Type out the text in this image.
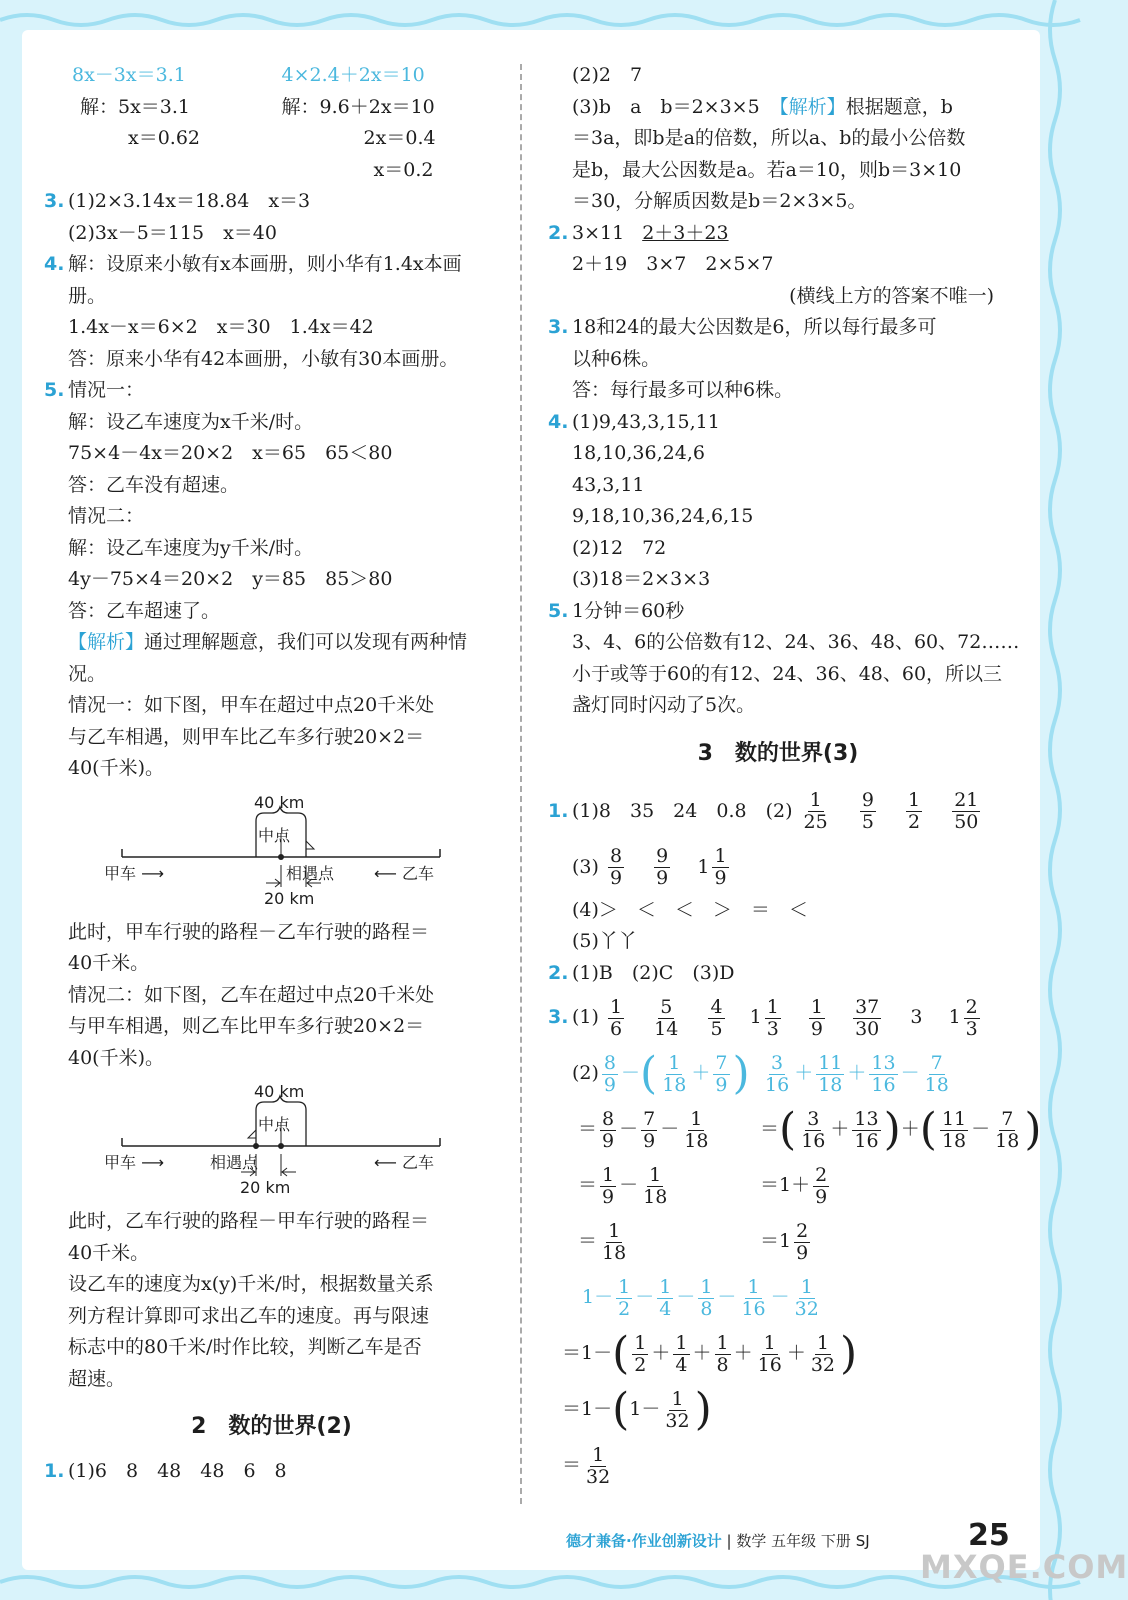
8x－3x＝3.1
解：5x＝3.1
x＝0.62
4×2.4＋2x＝10
解：9.6＋2x＝10
2x＝0.4
x＝0.2
3. (1)2×3.14x＝18.84　x＝3
(2)3x－5＝115　x＝40
4. 解：设原来小敏有x本画册，则小华有1.4x本画
册。
1.4x－x＝6×2　x＝30　1.4x＝42
答：原来小华有42本画册，小敏有30本画册。
5. 情况一：
解：设乙车速度为x千米/时。
75×4－4x＝20×2　x＝65　65＜80
答：乙车没有超速。
情况二：
解：设乙车速度为y千米/时。
4y－75×4＝20×2　y＝85　85＞80
答：乙车超速了。
【解析】通过理解题意，我们可以发现有两种情
况。
情况一：如下图，甲车在超过中点20千米处
与乙车相遇，则甲车比乙车多行驶20×2＝
40(千米)。
40 km
中点
甲车 ⟶	相遇点 ⟵ 乙车
20 km
此时，甲车行驶的路程－乙车行驶的路程＝
40千米。
情况二：如下图，乙车在超过中点20千米处
与甲车相遇，则乙车比甲车多行驶20×2＝
40(千米)。
40 km
中点
甲车 ⟶	相遇点	⟵ 乙车
20 km
此时，乙车行驶的路程－甲车行驶的路程＝
40千米。
设乙车的速度为x(y)千米/时，根据数量关系
列方程计算即可求出乙车的速度。再与限速
标志中的80千米/时作比较，判断乙车是否
超速。
2　数的世界(2)
1. (1)6　8　48　48　6　8
(2)2　7
(3)b　a　b＝2×3×5 【解析】根据题意，b
＝3a，即b是a的倍数，所以a、b的最小公倍数
是b，最大公因数是a。若a＝10，则b＝3×10
＝30，分解质因数是b＝2×3×5。
2. 3×11 2＋3＋23
2＋19　3×7　2×5×7
(横线上方的答案不唯一)
3. 18和24的最大公因数是6，所以每行最多可
以种6株。
答：每行最多可以种6株。
4. (1)9,43,3,15,11
18,10,36,24,6
43,3,11
9,18,10,36,24,6,15
(2)12　72
(3)18＝2×3×3
5. 1分钟＝60秒
3、4、6的公倍数有12、24、36、48、60、72……
小于或等于60的有12、24、36、48、60，所以三
盏灯同时闪动了5次。
3　数的世界(3)
1. (1)8　35　24　0.8　$(2) \frac{1}{25}$
$\frac{9}{5}$
$\frac{1}{2}$
$\frac{21}{50}$
$(3) \frac{8}{9}$
$\frac{9}{9} 1 \frac{1}{9}$
(4)＞　＜　＜　＞　＝　＜
(5)丫丫
2. (1)B　(2)C　(3)D
3. $(1) \frac{1}{6}$
$\frac{5}{14}$
$\frac{4}{5} 1 \frac{1}{3}$
$\frac{1}{9}$
$\frac{37}{30} 3$ $1 \frac{2}{3}$
$(2) \frac{8}{9}$ －( $\frac{1}{18} + \frac{7}{9}$ )
＝ $\frac{8}{9} - \frac{7}{9} - \frac{1}{18}$
＝ $\frac{1}{9} - \frac{1}{18}$
＝ $\frac{1}{18}$
$\frac{3}{16} + \frac{11}{18} + \frac{13}{16} - \frac{7}{18}$
＝( $\frac{3}{16} + \frac{13}{16}$ )＋( $\frac{11}{18} - \frac{7}{18}$ )
$=1+ \frac{2}{9}$
$=1 \frac{2}{9}$
$1- \frac{1}{2} - \frac{1}{4} - \frac{1}{8} - \frac{1}{16} - \frac{1}{32}$
$=1-( \frac{1}{2} + \frac{1}{4} + \frac{1}{8} + \frac{1}{16} + \frac{1}{32}$ )
$=1-(1- \frac{1}{32}$ )
＝ $\frac{1}{32}$
德才兼备·作业创新设计 | 数学 五年级 下册 SJ	25
MXQE.COM
